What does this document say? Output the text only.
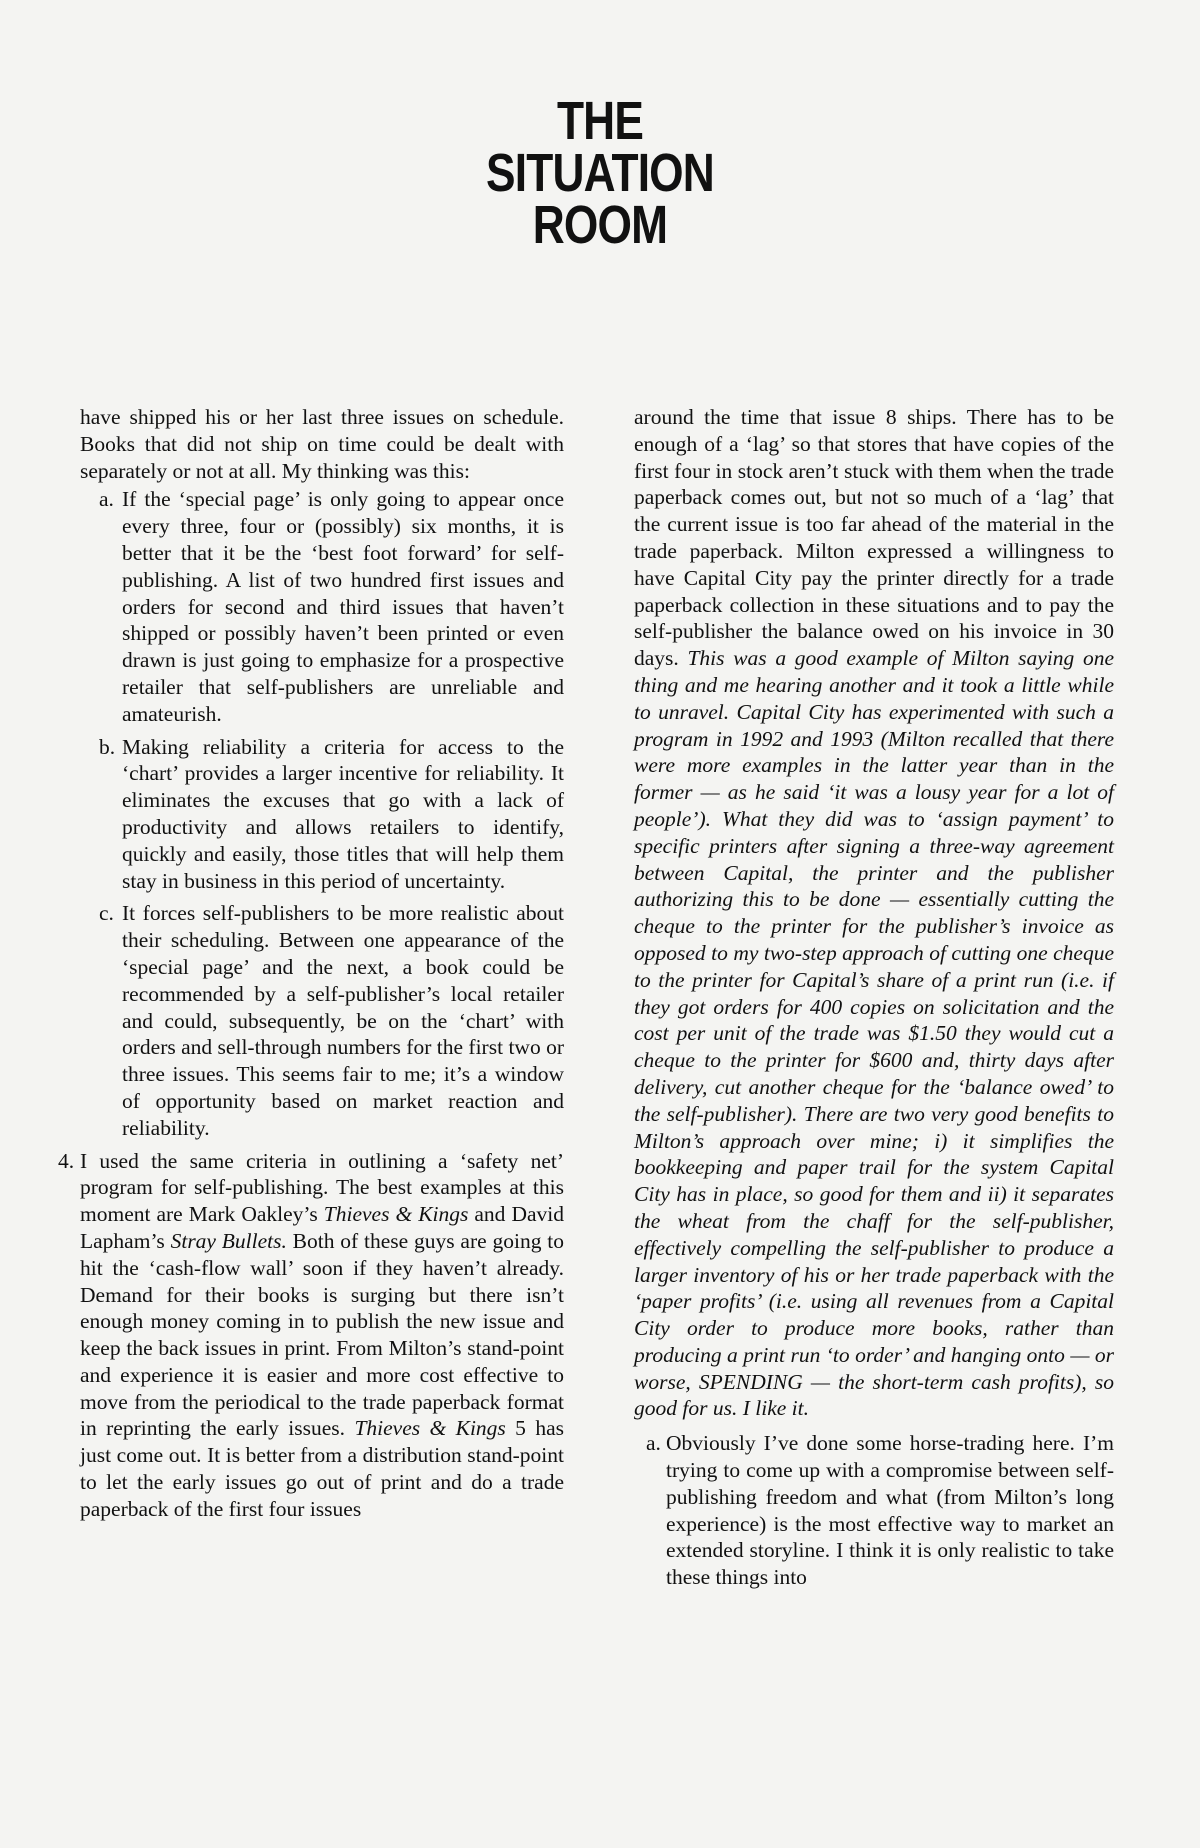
THE
SITUATION
ROOM

have shipped his or her last three issues on schedule. Books that did not ship on time could be dealt with separately or not at all. My thinking was this:

a. If the ‘special page’ is only going to appear once every three, four or (possibly) six months, it is better that it be the ‘best foot forward’ for self-publishing. A list of two hundred first issues and orders for second and third issues that haven’t shipped or possibly haven’t been printed or even drawn is just going to emphasize for a prospective retailer that self-publishers are unreliable and amateurish.
b. Making reliability a criteria for access to the ‘chart’ provides a larger incentive for reliability. It eliminates the excuses that go with a lack of productivity and allows retailers to identify, quickly and easily, those titles that will help them stay in business in this period of uncertainty.
c. It forces self-publishers to be more realistic about their scheduling. Between one appearance of the ‘special page’ and the next, a book could be recommended by a self-publisher’s local retailer and could, subsequently, be on the ‘chart’ with orders and sell-through numbers for the first two or three issues. This seems fair to me; it’s a window of opportunity based on market reaction and reliability.
4. I used the same criteria in outlining a ‘safety net’ program for self-publishing. The best examples at this moment are Mark Oakley’s Thieves & Kings and David Lapham’s Stray Bullets. Both of these guys are going to hit the ‘cash-flow wall’ soon if they haven’t already. Demand for their books is surging but there isn’t enough money coming in to publish the new issue and keep the back issues in print. From Milton’s stand-point and experience it is easier and more cost effective to move from the periodical to the trade paperback format in reprinting the early issues. Thieves & Kings 5 has just come out. It is better from a distribution stand-point to let the early issues go out of print and do a trade paperback of the first four issues

around the time that issue 8 ships. There has to be enough of a ‘lag’ so that stores that have copies of the first four in stock aren’t stuck with them when the trade paperback comes out, but not so much of a ‘lag’ that the current issue is too far ahead of the material in the trade paperback. Milton expressed a willingness to have Capital City pay the printer directly for a trade paperback collection in these situations and to pay the self-publisher the balance owed on his invoice in 30 days. This was a good example of Milton saying one thing and me hearing another and it took a little while to unravel. Capital City has experimented with such a program in 1992 and 1993 (Milton recalled that there were more examples in the latter year than in the former — as he said ‘it was a lousy year for a lot of people’). What they did was to ‘assign payment’ to specific printers after signing a three-way agreement between Capital, the printer and the publisher authorizing this to be done — essentially cutting the cheque to the printer for the publisher’s invoice as opposed to my two-step approach of cutting one cheque to the printer for Capital’s share of a print run (i.e. if they got orders for 400 copies on solicitation and the cost per unit of the trade was $1.50 they would cut a cheque to the printer for $600 and, thirty days after delivery, cut another cheque for the ‘balance owed’ to the self-publisher). There are two very good benefits to Milton’s approach over mine; i) it simplifies the bookkeeping and paper trail for the system Capital City has in place, so good for them and ii) it separates the wheat from the chaff for the self-publisher, effectively compelling the self-publisher to produce a larger inventory of his or her trade paperback with the ‘paper profits’ (i.e. using all revenues from a Capital City order to produce more books, rather than producing a print run ‘to order’ and hanging onto — or worse, SPENDING — the short-term cash profits), so good for us. I like it.

a. Obviously I’ve done some horse-trading here. I’m trying to come up with a compromise between self-publishing freedom and what (from Milton’s long experience) is the most effective way to market an extended storyline. I think it is only realistic to take these things into
